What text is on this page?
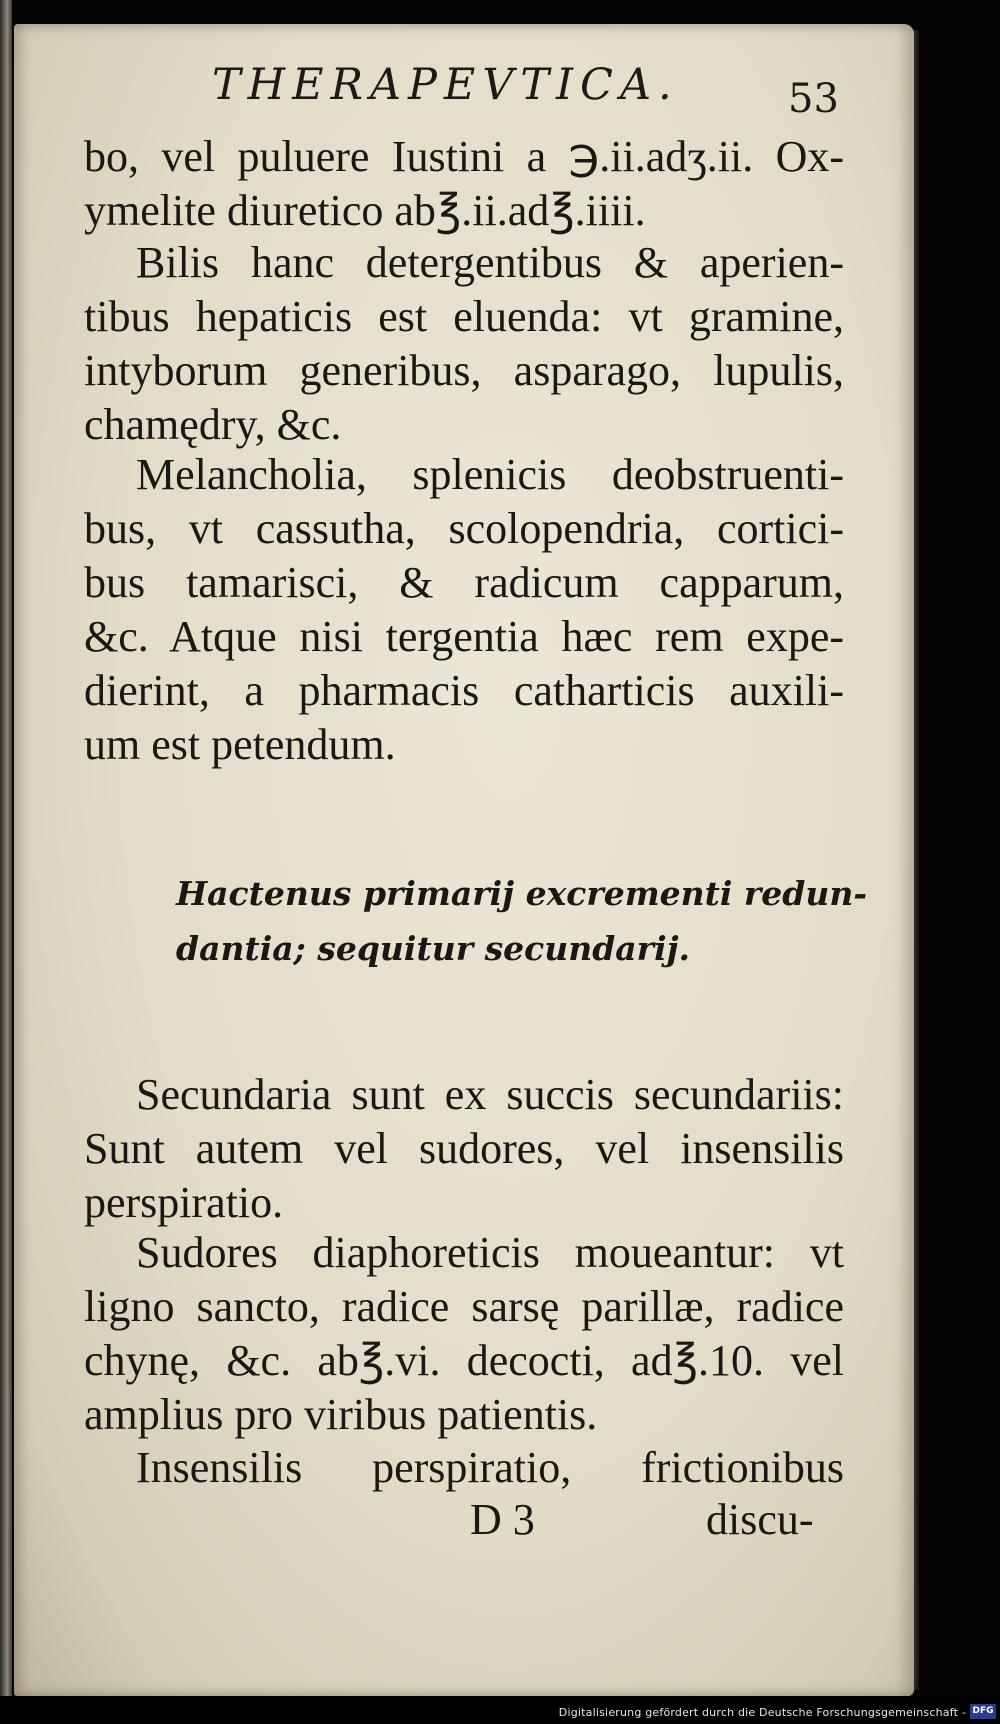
THERAPEVTICA.	53
bo, vel puluere Iustini a ℈.ii.adʒ.ii. Ox-
ymelite diuretico ab℥.ii.ad℥.iiii.
Bilis hanc detergentibus & aperien-
tibus hepaticis est eluenda: vt gramine,
intyborum generibus, asparago, lupulis,
chamędry, &c.
Melancholia, splenicis deobstruenti-
bus, vt cassutha, scolopendria, cortici-
bus tamarisci, & radicum capparum,
&c. Atque nisi tergentia hæc rem expe-
dierint, a pharmacis catharticis auxili-
um est petendum.
Hactenus primarij excrementi redun-
dantia; sequitur secundarij.
Secundaria sunt ex succis secundariis:
Sunt autem vel sudores, vel insensilis
perspiratio.
Sudores diaphoreticis moueantur: vt
ligno sancto, radice sarsę parillæ, radice
chynę, &c. ab℥.vi. decocti, ad℥.10. vel
amplius pro viribus patientis.
Insensilis perspiratio, frictionibus
D 3	discu-
Digitalisierung gefördert durch die Deutsche Forschungsgemeinschaft - DFG
